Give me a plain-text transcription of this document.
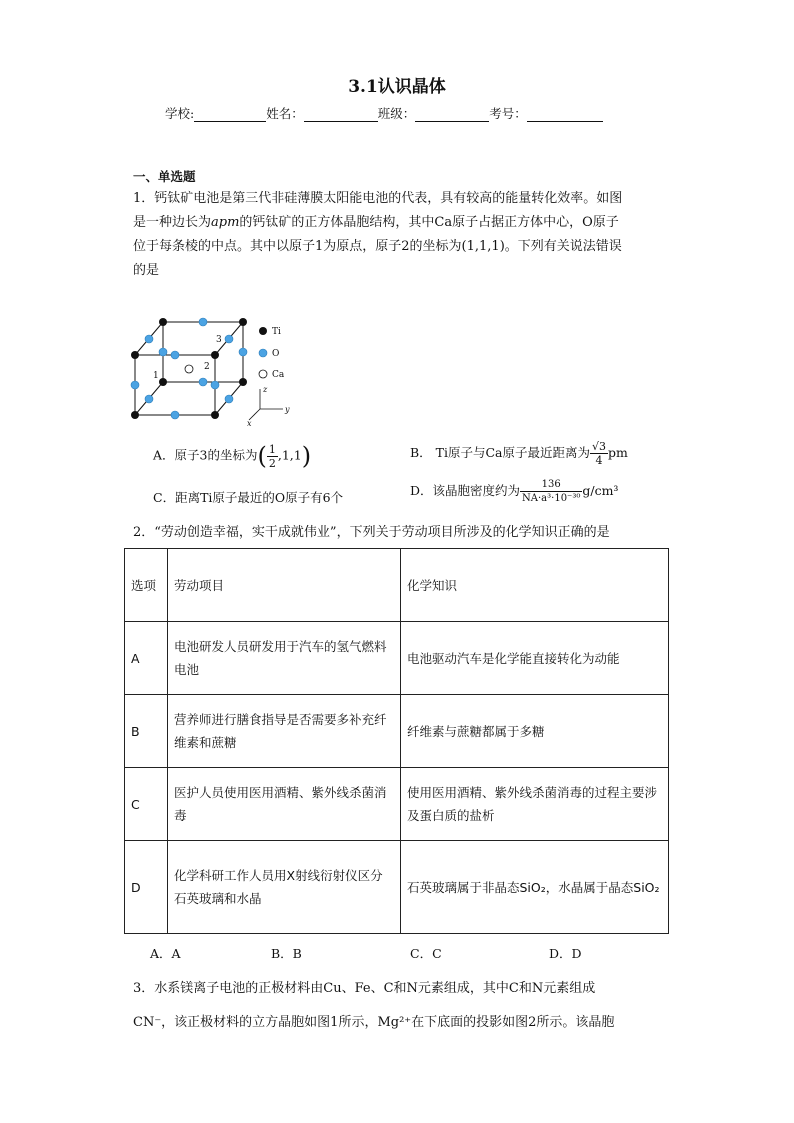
3.1认识晶体
学校:	姓名：	班级：	考号：
一、单选题
1．钙钛矿电池是第三代非硅薄膜太阳能电池的代表，具有较高的能量转化效率。如图
是一种边长为apm的钙钛矿的正方体晶胞结构，其中Ca原子占据正方体中心，O原子
位于每条棱的中点。其中以原子1为原点，原子2的坐标为(1,1,1)。下列有关说法错误
的是
1
2
3
Ti
O
Ca
x
y
z
A．原子3的坐标为( $\frac{1}{2} ,1,1$)	B． Ti原子与Ca原子最近距离为 $\frac{√3}{4}$ pm
C．距离Ti原子最近的O原子有6个	D．该晶胞密度约为 $\frac{136}{\text{NA·a³·10⁻³⁰}} g/cm^3$
2．“劳动创造幸福，实干成就伟业”，下列关于劳动项目所涉及的化学知识正确的是
选项	劳动项目	化学知识
A	电池研发人员研发用于汽车的氢气燃料电池	电池驱动汽车是化学能直接转化为动能
B	营养师进行膳食指导是否需要多补充纤维素和蔗糖	纤维素与蔗糖都属于多糖
C	医护人员使用医用酒精、紫外线杀菌消毒	使用医用酒精、紫外线杀菌消毒的过程主要涉及蛋白质的盐析
D	化学科研工作人员用X射线衍射仪区分石英玻璃和水晶	石英玻璃属于非晶态SiO₂，水晶属于晶态SiO₂
A．A	B．B	C．C	D．D
3．水系镁离子电池的正极材料由Cu、Fe、C和N元素组成，其中C和N元素组成
CN⁻，该正极材料的立方晶胞如图1所示，Mg²⁺在下底面的投影如图2所示。该晶胞
